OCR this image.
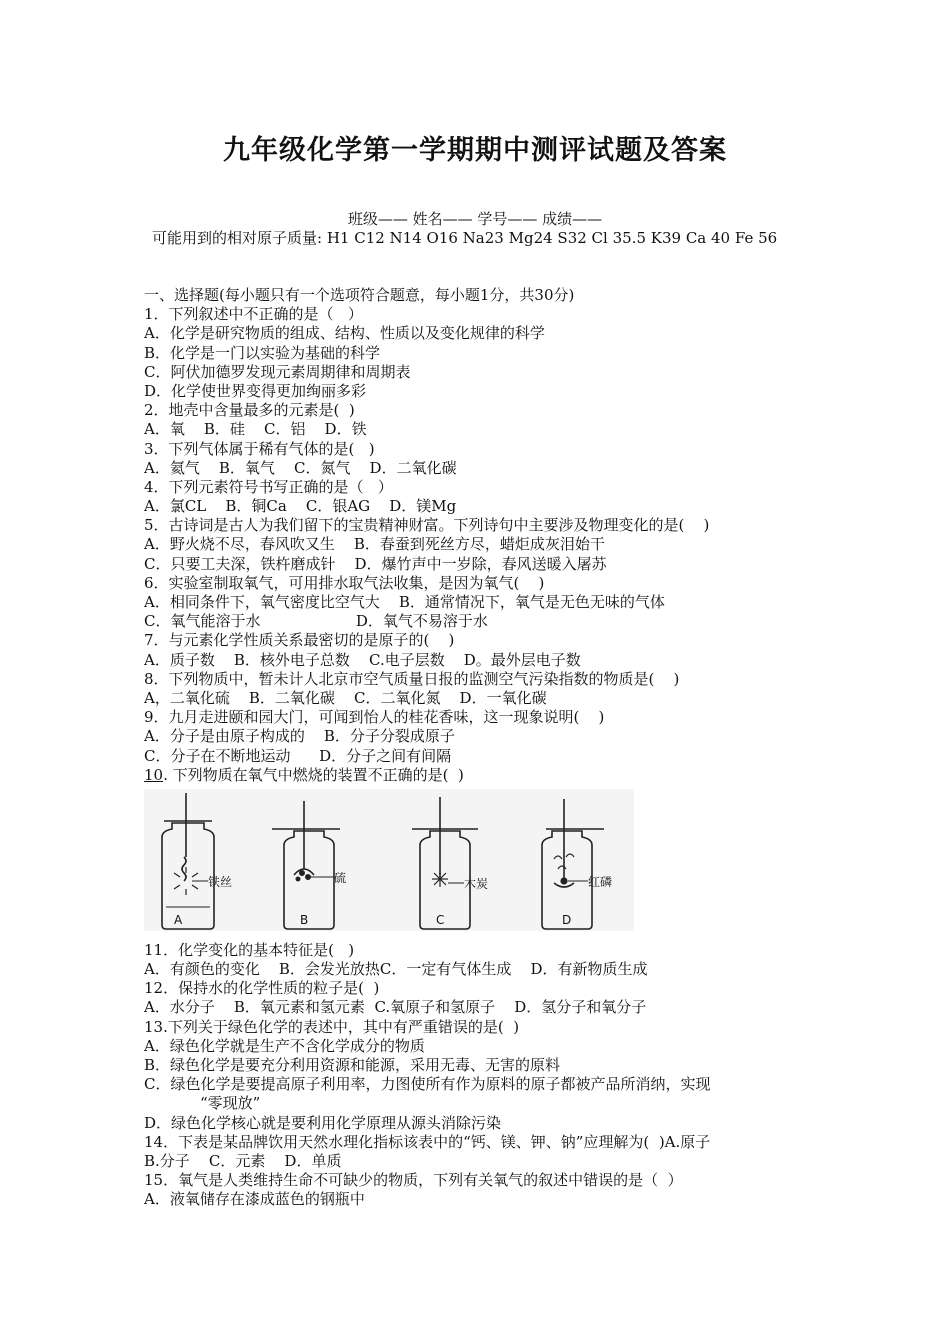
九年级化学第一学期期中测评试题及答案
班级—— 姓名—— 学号—— 成绩——
可能用到的相对原子质量: H1 C12 N14 O16 Na23 Mg24 S32 Cl 35.5 K39 Ca 40 Fe 56
一、选择题(每小题只有一个选项符合题意，每小题1分，共30分)
1．下列叙述中不正确的是（   ）
A．化学是研究物质的组成、结构、性质以及变化规律的科学
B．化学是一门以实验为基础的科学
C．阿伏加德罗发现元素周期律和周期表
D．化学使世界变得更加绚丽多彩
2．地壳中含量最多的元素是(  )
A．氧    B．硅    C．铝    D．铁
3．下列气体属于稀有气体的是(   )
A．氦气    B．氧气    C．氮气    D．二氧化碳
4．下列元素符号书写正确的是（   ）
A．氯CL    B．铜Ca    C．银AG    D．镁Mg
5．古诗词是古人为我们留下的宝贵精神财富。下列诗句中主要涉及物理变化的是(    )
A．野火烧不尽，春风吹又生    B．春蚕到死丝方尽，蜡炬成灰泪始干
C．只要工夫深，铁杵磨成针    D．爆竹声中一岁除，春风送暖入屠苏
6．实验室制取氧气，可用排水取气法收集，是因为氧气(    )
A．相同条件下，氧气密度比空气大    B．通常情况下，氧气是无色无味的气体
C．氧气能溶于水                    D．氧气不易溶于水
7．与元素化学性质关系最密切的是原子的(    )
A．质子数    B．核外电子总数    C.电子层数    D。最外层电子数
8．下列物质中，暂未计人北京市空气质量日报的监测空气污染指数的物质是(    )
A，二氧化硫    B．二氧化碳    C．二氧化氮    D．一氧化碳
9．九月走进颐和园大门，可闻到怡人的桂花香味，这一现象说明(    )
A．分子是由原子构成的    B．分子分裂成原子
C．分子在不断地运动      D．分子之间有间隔
10. 下列物质在氧气中燃烧的装置不正确的是(  )
铁丝	硫	木炭	红磷
A	B	C	D
11．化学变化的基本特征是(   )
A．有颜色的变化    B．会发光放热C．一定有气体生成    D．有新物质生成
12．保持水的化学性质的粒子是(  )
A．水分子    B．氧元素和氢元素  C.氧原子和氢原子    D．氢分子和氧分子
13.下列关于绿色化学的表述中，其中有严重错误的是(  )
A．绿色化学就是生产不含化学成分的物质
B．绿色化学是要充分利用资源和能源，采用无毒、无害的原料
C．绿色化学是要提高原子利用率，力图使所有作为原料的原子都被产品所消纳，实现
“零现放”
D．绿色化学核心就是要利用化学原理从源头消除污染
14．下表是某品牌饮用天然水理化指标该表中的“钙、镁、钾、钠”应理解为(  )A.原子
B.分子    C．元素    D．单质
15．氧气是人类维持生命不可缺少的物质，下列有关氧气的叙述中错误的是（  ）
A．液氧储存在漆成蓝色的钢瓶中
